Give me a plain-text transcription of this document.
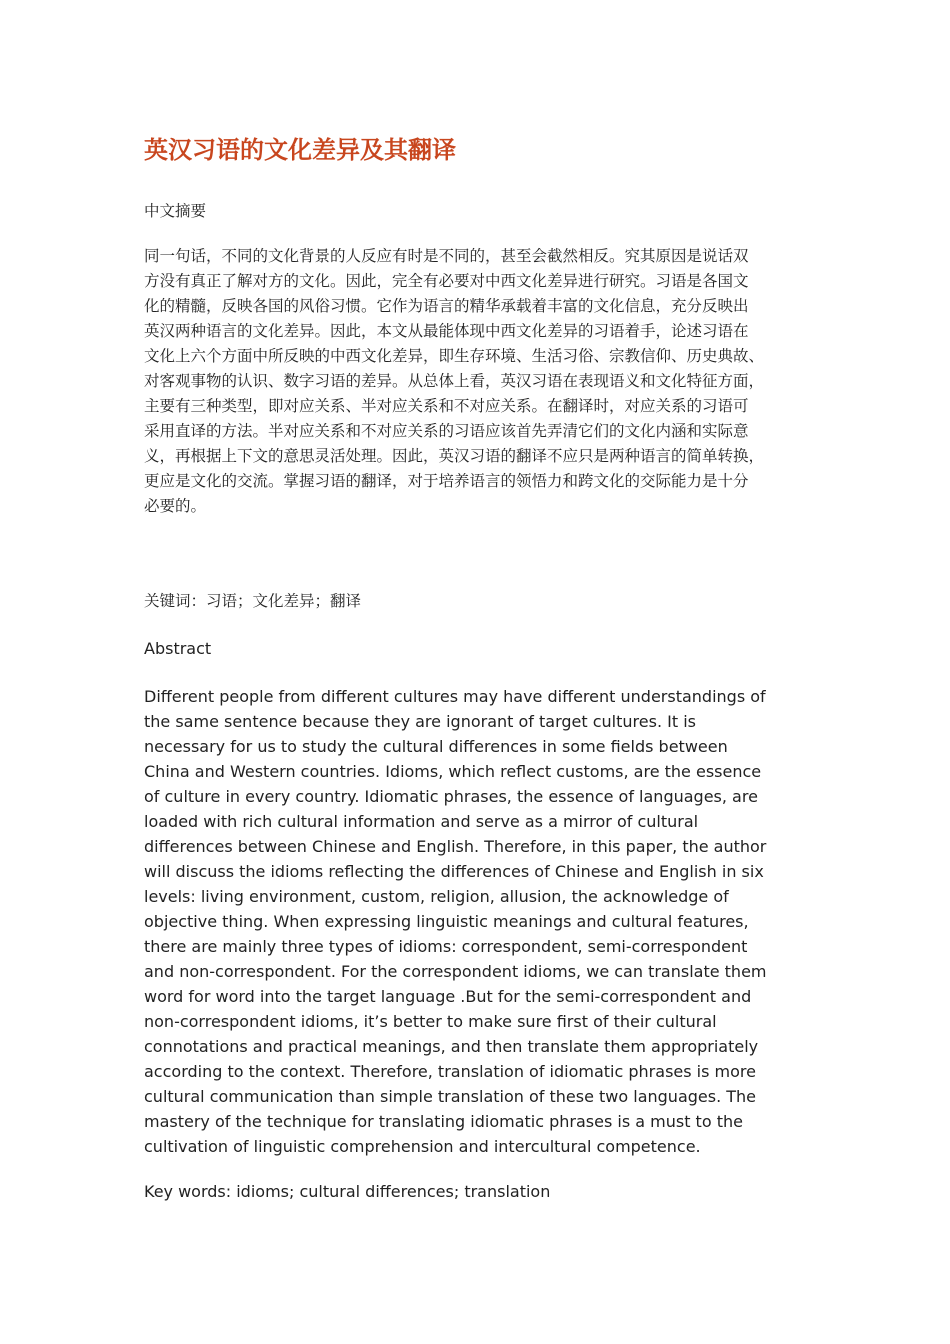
英汉习语的文化差异及其翻译

中文摘要

同一句话，不同的文化背景的人反应有时是不同的，甚至会截然相反。究其原因是说话双
方没有真正了解对方的文化。因此，完全有必要对中西文化差异进行研究。习语是各国文
化的精髓，反映各国的风俗习惯。它作为语言的精华承载着丰富的文化信息，充分反映出
英汉两种语言的文化差异。因此，本文从最能体现中西文化差异的习语着手，论述习语在
文化上六个方面中所反映的中西文化差异，即生存环境、生活习俗、宗教信仰、历史典故、
对客观事物的认识、数字习语的差异。从总体上看，英汉习语在表现语义和文化特征方面，
主要有三种类型，即对应关系、半对应关系和不对应关系。在翻译时，对应关系的习语可
采用直译的方法。半对应关系和不对应关系的习语应该首先弄清它们的文化内涵和实际意
义，再根据上下文的意思灵活处理。因此，英汉习语的翻译不应只是两种语言的简单转换，
更应是文化的交流。掌握习语的翻译，对于培养语言的领悟力和跨文化的交际能力是十分
必要的。

关键词：习语；文化差异；翻译

Abstract

Different people from different cultures may have different understandings of
the same sentence because they are ignorant of target cultures. It is
necessary for us to study the cultural differences in some fields between
China and Western countries. Idioms, which reflect customs, are the essence
of culture in every country. Idiomatic phrases, the essence of languages, are
loaded with rich cultural information and serve as a mirror of cultural
differences between Chinese and English. Therefore, in this paper, the author
will discuss the idioms reflecting the differences of Chinese and English in six
levels: living environment, custom, religion, allusion, the acknowledge of
objective thing. When expressing linguistic meanings and cultural features,
there are mainly three types of idioms: correspondent, semi-correspondent
and non-correspondent. For the correspondent idioms, we can translate them
word for word into the target language .But for the semi-correspondent and
non-correspondent idioms, it’s better to make sure first of their cultural
connotations and practical meanings, and then translate them appropriately
according to the context. Therefore, translation of idiomatic phrases is more
cultural communication than simple translation of these two languages. The
mastery of the technique for translating idiomatic phrases is a must to the
cultivation of linguistic comprehension and intercultural competence.

Key words: idioms; cultural differences; translation
